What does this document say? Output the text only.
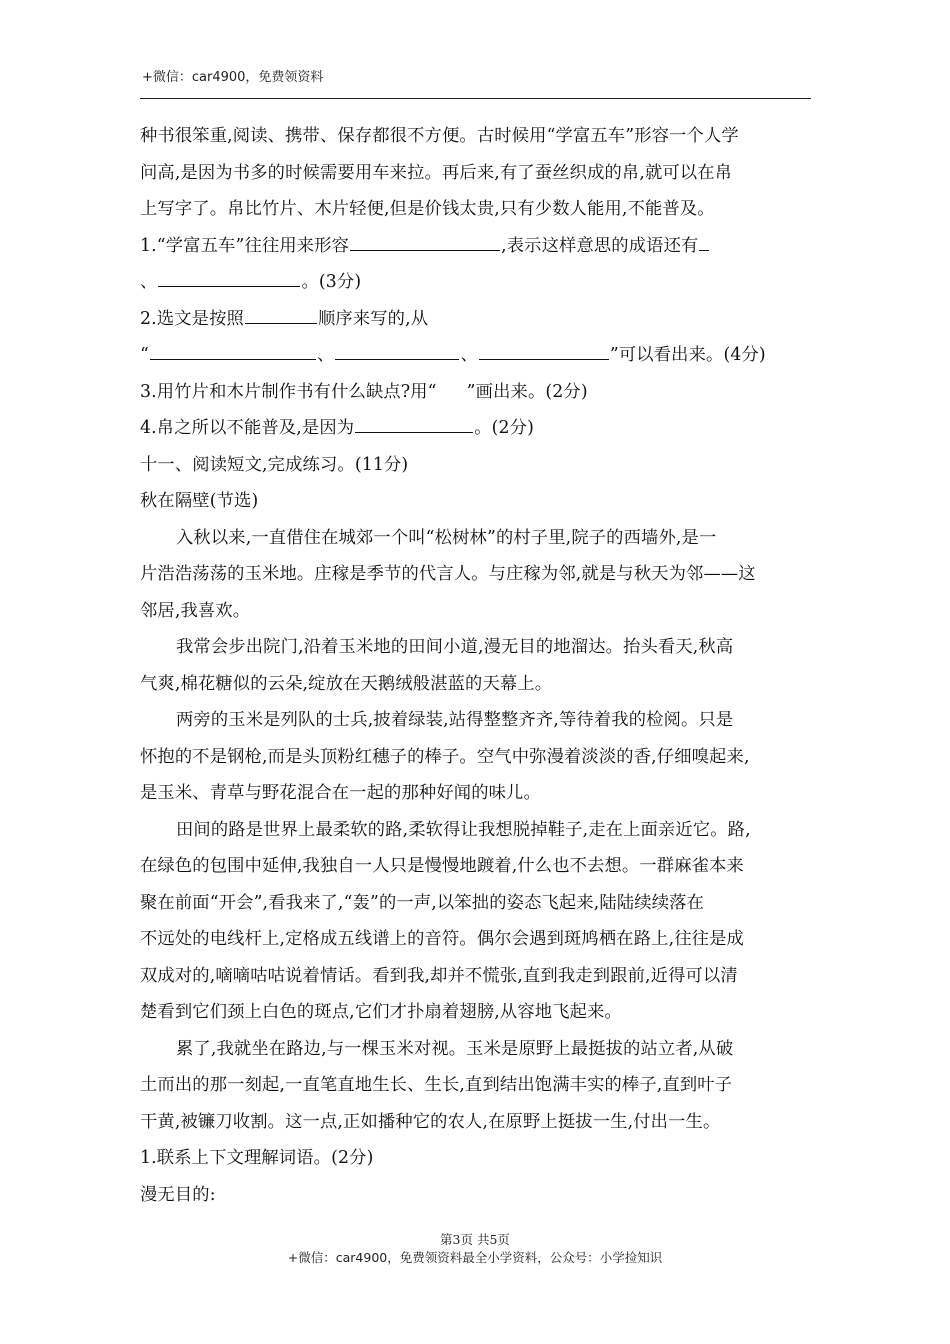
+微信：car4900，免费领资料
种书很笨重,阅读、携带、保存都很不方便。古时候用“学富五车”形容一个人学
问高,是因为书多的时候需要用车来拉。再后来,有了蚕丝织成的帛,就可以在帛
上写字了。帛比竹片、木片轻便,但是价钱太贵,只有少数人能用,不能普及。
1.“学富五车”往往用来形容	,表示这样意思的成语还有
、	。(3分)
2.选文是按照	顺序来写的,从
“	、	、	”可以看出来。(4分)
3.用竹片和木片制作书有什么缺点?用“ ”画出来。(2分)
4.帛之所以不能普及,是因为	。(2分)
十一、阅读短文,完成练习。(11分)
秋在隔壁(节选)
入秋以来,一直借住在城郊一个叫“松树林”的村子里,院子的西墙外,是一
片浩浩荡荡的玉米地。庄稼是季节的代言人。与庄稼为邻,就是与秋天为邻——这
邻居,我喜欢。
我常会步出院门,沿着玉米地的田间小道,漫无目的地溜达。抬头看天,秋高
气爽,棉花糖似的云朵,绽放在天鹅绒般湛蓝的天幕上。
两旁的玉米是列队的士兵,披着绿装,站得整整齐齐,等待着我的检阅。只是
怀抱的不是钢枪,而是头顶粉红穗子的棒子。空气中弥漫着淡淡的香,仔细嗅起来,
是玉米、青草与野花混合在一起的那种好闻的味儿。
田间的路是世界上最柔软的路,柔软得让我想脱掉鞋子,走在上面亲近它。路,
在绿色的包围中延伸,我独自一人只是慢慢地踱着,什么也不去想。一群麻雀本来
聚在前面“开会”,看我来了,“轰”的一声,以笨拙的姿态飞起来,陆陆续续落在
不远处的电线杆上,定格成五线谱上的音符。偶尔会遇到斑鸠栖在路上,往往是成
双成对的,嘀嘀咕咕说着情话。看到我,却并不慌张,直到我走到跟前,近得可以清
楚看到它们颈上白色的斑点,它们才扑扇着翅膀,从容地飞起来。
累了,我就坐在路边,与一棵玉米对视。玉米是原野上最挺拔的站立者,从破
土而出的那一刻起,一直笔直地生长、生长,直到结出饱满丰实的棒子,直到叶子
干黄,被镰刀收割。这一点,正如播种它的农人,在原野上挺拔一生,付出一生。
1.联系上下文理解词语。(2分)
漫无目的:
第3页 共5页
+微信：car4900，免费领资料最全小学资料，公众号：小学捡知识
